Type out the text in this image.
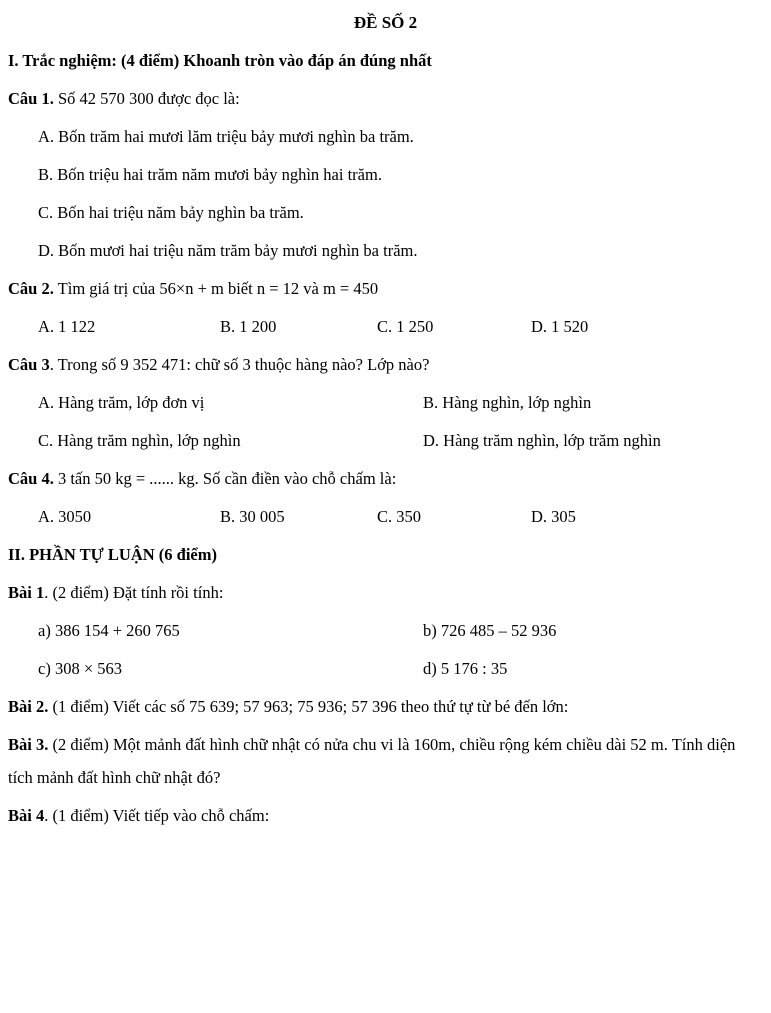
ĐỀ SỐ 2

I. Trắc nghiệm: (4 điểm) Khoanh tròn vào đáp án đúng nhất

Câu 1. Số 42 570 300 được đọc là:

A. Bốn trăm hai mươi lăm triệu bảy mươi nghìn ba trăm.

B. Bốn triệu hai trăm năm mươi bảy nghìn hai trăm.

C. Bốn hai triệu năm bảy nghìn ba trăm.

D. Bốn mươi hai triệu năm trăm bảy mươi nghìn ba trăm.

Câu 2. Tìm giá trị của 56×n + m biết n = 12 và m = 450

A. 1 122	B. 1 200	C. 1 250	D. 1 520

Câu 3. Trong số 9 352 471: chữ số 3 thuộc hàng nào? Lớp nào?

A. Hàng trăm, lớp đơn vị	B. Hàng nghìn, lớp nghìn

C. Hàng trăm nghìn, lớp nghìn	D. Hàng trăm nghìn, lớp trăm nghìn

Câu 4. 3 tấn 50 kg = ...... kg. Số cần điền vào chỗ chấm là:

A. 3050	B. 30 005	C. 350	D. 305

II. PHẦN TỰ LUẬN (6 điểm)

Bài 1. (2 điểm) Đặt tính rồi tính:

a) 386 154 + 260 765	b) 726 485 – 52 936

c) 308 × 563	d) 5 176 : 35

Bài 2. (1 điểm) Viết các số 75 639; 57 963; 75 936; 57 396 theo thứ tự từ bé đến lớn:

Bài 3. (2 điểm) Một mảnh đất hình chữ nhật có nửa chu vi là 160m, chiều rộng kém chiều dài 52 m. Tính diện tích mảnh đất hình chữ nhật đó?

Bài 4. (1 điểm) Viết tiếp vào chỗ chấm:
